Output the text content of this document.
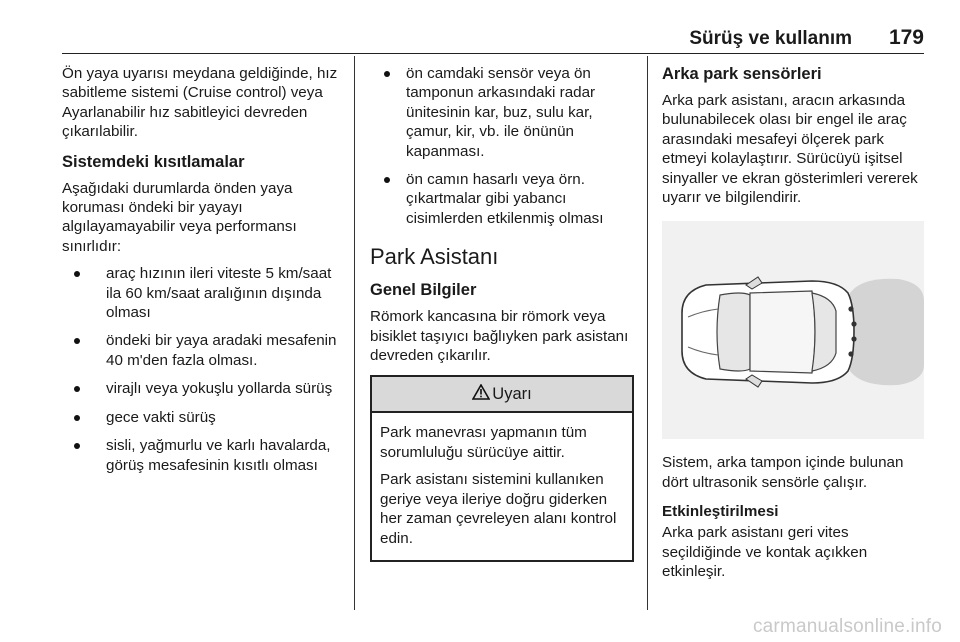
Sürüş ve kullanım 179

Ön yaya uyarısı meydana geldiğinde, hız sabitleme sistemi (Cruise control) veya Ayarlanabilir hız sabitleyici devreden çıkarılabilir.

Sistemdeki kısıtlamalar

Aşağıdaki durumlarda önden yaya koruması öndeki bir yayayı algılayamayabilir veya performansı sınırlıdır:

araç hızının ileri viteste 5 km/saat ila 60 km/saat aralığının dışında olması
öndeki bir yaya aradaki mesafenin 40 m'den fazla olması.
virajlı veya yokuşlu yollarda sürüş
gece vakti sürüş
sisli, yağmurlu ve karlı havalarda, görüş mesafesinin kısıtlı olması
ön camdaki sensör veya ön tamponun arkasındaki radar ünitesinin kar, buz, sulu kar, çamur, kir, vb. ile önünün kapanması.
ön camın hasarlı veya örn. çıkartmalar gibi yabancı cisimlerden etkilenmiş olması
Park Asistanı
Genel Bilgiler

Römork kancasına bir römork veya bisiklet taşıyıcı bağlıyken park asistanı devreden çıkarılır.

Uyarı

Park manevrası yapmanın tüm sorumluluğu sürücüye aittir.

Park asistanı sistemini kullanıken geriye veya ileriye doğru giderken her zaman çevreleyen alanı kontrol edin.

Arka park sensörleri

Arka park asistanı, aracın arkasında bulunabilecek olası bir engel ile araç arasındaki mesafeyi ölçerek park etmeyi kolaylaştırır. Sürücüyü işitsel sinyaller ve ekran gösterimleri vererek uyarır ve bilgilendirir.

Sistem, arka tampon içinde bulunan dört ultrasonik sensörle çalışır.

Etkinleştirilmesi

Arka park asistanı geri vites seçildiğinde ve kontak açıkken etkinleşir.

carmanualsonline.info
